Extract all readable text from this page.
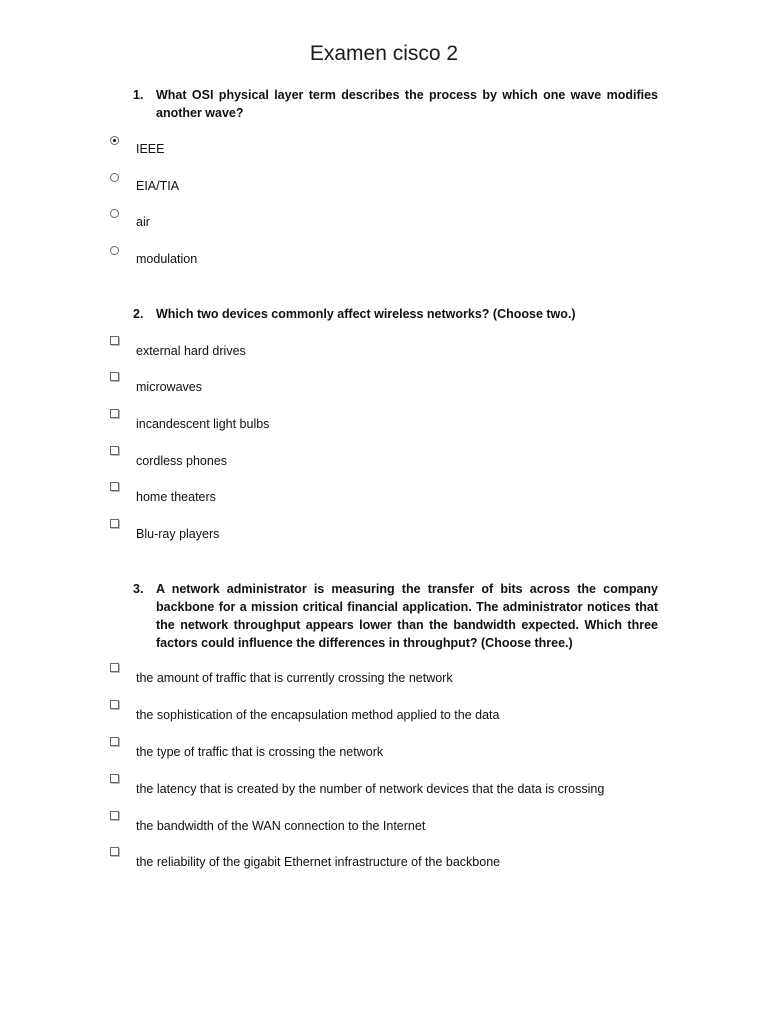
Examen cisco 2
1.	What OSI physical layer term describes the process by which one wave modifies another wave?
IEEE
EIA/TIA
air
modulation
2.	Which two devices commonly affect wireless networks? (Choose two.)
external hard drives
microwaves
incandescent light bulbs
cordless phones
home theaters
Blu-ray players
3.	A network administrator is measuring the transfer of bits across the company backbone for a mission critical financial application. The administrator notices that the network throughput appears lower than the bandwidth expected. Which three factors could influence the differences in throughput? (Choose three.)
the amount of traffic that is currently crossing the network
the sophistication of the encapsulation method applied to the data
the type of traffic that is crossing the network
the latency that is created by the number of network devices that the data is crossing
the bandwidth of the WAN connection to the Internet
the reliability of the gigabit Ethernet infrastructure of the backbone
